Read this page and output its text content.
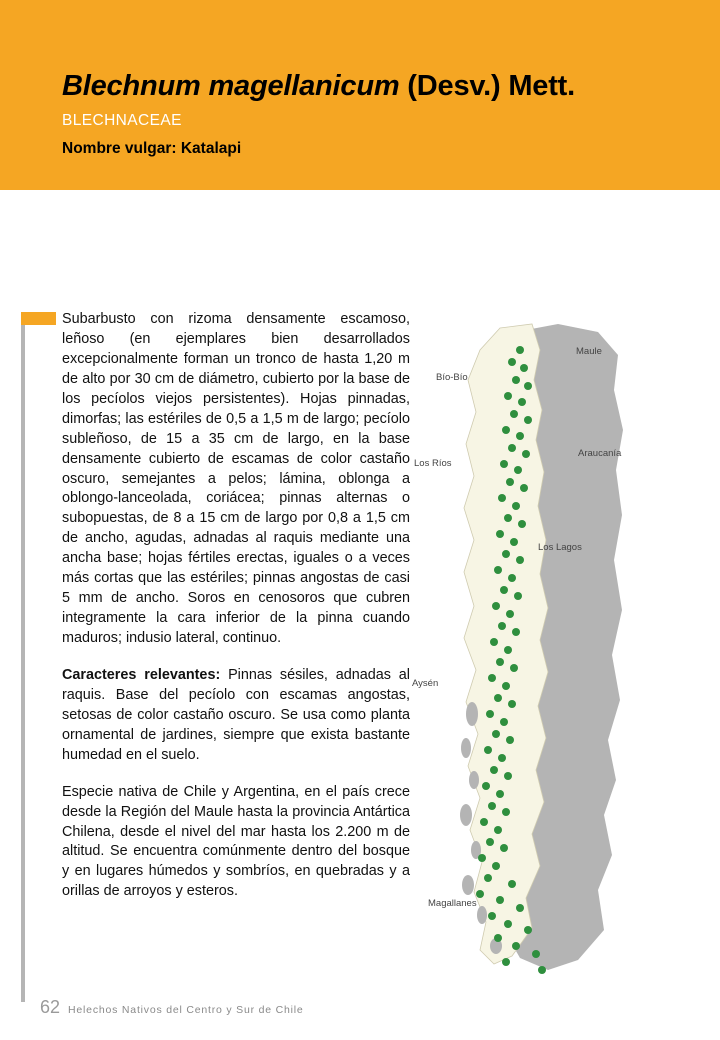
Blechnum magellanicum (Desv.) Mett.
BLECHNACEAE
Nombre vulgar: Katalapi

Subarbusto con rizoma densamente escamoso, leñoso (en ejemplares bien desarrollados excepcionalmente forman un tronco de hasta 1,20 m de alto por 30 cm de diámetro, cubierto por la base de los pecíolos viejos persistentes). Hojas pinnadas, dimorfas; las estériles de 0,5 a 1,5 m de largo; pecíolo subleñoso, de 15 a 35 cm de largo, en la base densamente cubierto de escamas de color castaño oscuro, semejantes a pelos; lámina, oblonga a oblongo-lanceolada, coriácea; pinnas alternas o subopuestas, de 8 a 15 cm de largo por 0,8 a 1,5 cm de ancho, agudas, adnadas al raquis mediante una ancha base; hojas fértiles erectas, iguales o a veces más cortas que las estériles; pinnas angostas de casi 5 mm de ancho. Soros en cenosoros que cubren integramente la cara inferior de la pinna cuando maduros; indusio lateral, continuo.

Caracteres relevantes: Pinnas sésiles, adnadas al raquis. Base del pecíolo con escamas angostas, setosas de color castaño oscuro. Se usa como planta ornamental de jardines, siempre que exista bastante humedad en el suelo.

Especie nativa de Chile y Argentina, en el país crece desde la Región del Maule hasta la provincia Antártica Chilena, desde el nivel del mar hasta los 2.200 m de altitud. Se encuentra comúnmente dentro del bosque y en lugares húmedos y sombríos, en quebradas y a orillas de arroyos y esteros.

Maule
Bío-Bío
Araucanía
Los Ríos
Los Lagos
Aysén
Magallanes
62 Helechos Nativos del Centro y Sur de Chile
